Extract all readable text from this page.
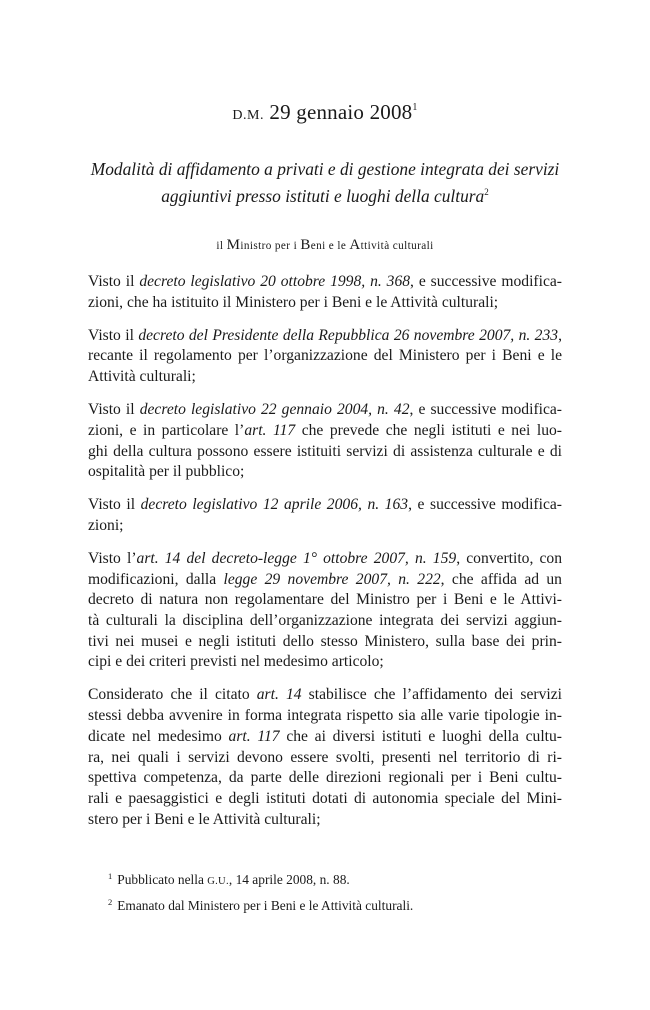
D.M. 29 gennaio 2008$^1$
Modalità di affidamento a privati e di gestione integrata dei servizi
aggiuntivi presso istituti e luoghi della cultura$^2$
il Ministro per i Beni e le Attività culturali
Visto il decreto legislativo 20 ottobre 1998, n. 368, e successive modifica-
zioni, che ha istituito il Ministero per i Beni e le Attività culturali;
Visto il decreto del Presidente della Repubblica 26 novembre 2007, n. 233,
recante il regolamento per l’organizzazione del Ministero per i Beni e le
Attività culturali;
Visto il decreto legislativo 22 gennaio 2004, n. 42, e successive modifica-
zioni, e in particolare l’art. 117 che prevede che negli istituti e nei luo-
ghi della cultura possono essere istituiti servizi di assistenza culturale e di
ospitalità per il pubblico;
Visto il decreto legislativo 12 aprile 2006, n. 163, e successive modifica-
zioni;
Visto l’art. 14 del decreto-legge 1° ottobre 2007, n. 159, convertito, con
modificazioni, dalla legge 29 novembre 2007, n. 222, che affida ad un
decreto di natura non regolamentare del Ministro per i Beni e le Attivi-
tà culturali la disciplina dell’organizzazione integrata dei servizi aggiun-
tivi nei musei e negli istituti dello stesso Ministero, sulla base dei prin-
cipi e dei criteri previsti nel medesimo articolo;
Considerato che il citato art. 14 stabilisce che l’affidamento dei servizi
stessi debba avvenire in forma integrata rispetto sia alle varie tipologie in-
dicate nel medesimo art. 117 che ai diversi istituti e luoghi della cultu-
ra, nei quali i servizi devono essere svolti, presenti nel territorio di ri-
spettiva competenza, da parte delle direzioni regionali per i Beni cultu-
rali e paesaggistici e degli istituti dotati di autonomia speciale del Mini-
stero per i Beni e le Attività culturali;
$^1$ Pubblicato nella G.U., 14 aprile 2008, n. 88.
$^2$ Emanato dal Ministero per i Beni e le Attività culturali.
